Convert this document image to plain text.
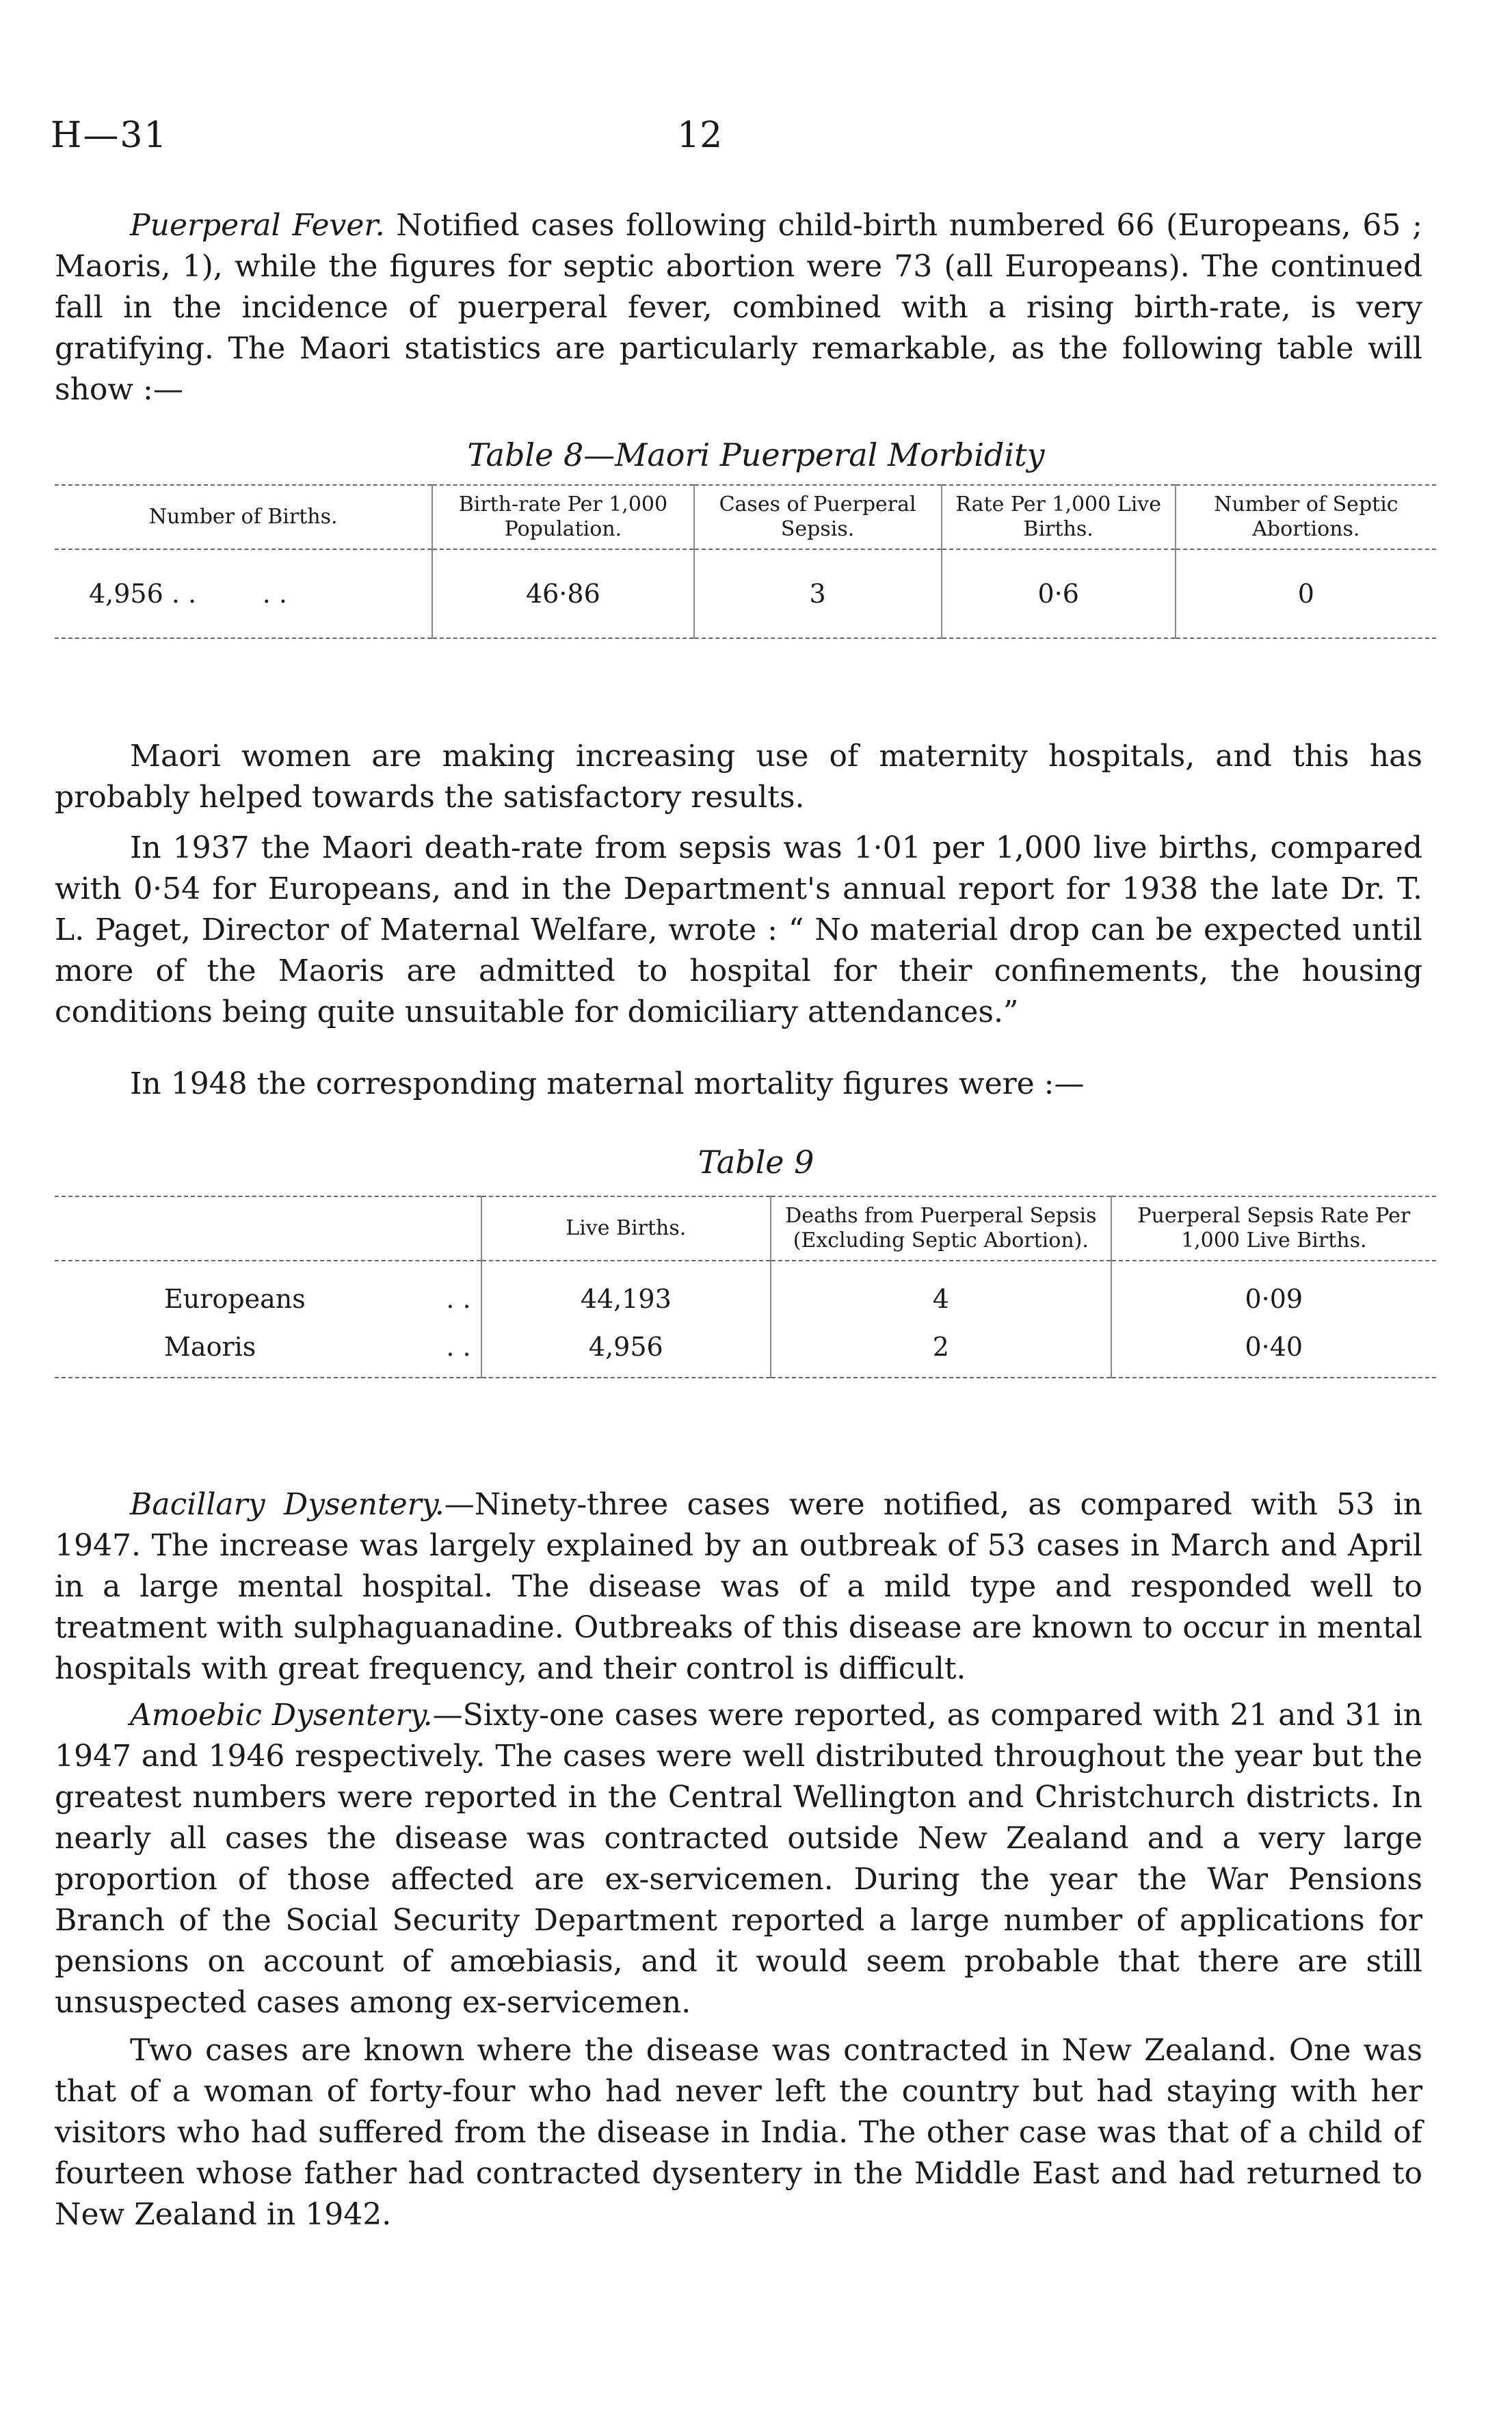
H—31	12

Puerperal Fever. Notified cases following child-birth numbered 66 (Europeans, 65 ; Maoris, 1), while the figures for septic abortion were 73 (all Europeans). The continued fall in the incidence of puerperal fever, combined with a rising birth-rate, is very gratifying. The Maori statistics are particularly remarkable, as the following table will show :—

Table 8—Maori Puerperal Morbidity
Number of Births.	Birth-rate Per 1,000 Population.	Cases of Puerperal Sepsis.	Rate Per 1,000 Live Births.	Number of Septic Abortions.
4,956 . .        . .	46·86	3	0·6	0

Maori women are making increasing use of maternity hospitals, and this has probably helped towards the satisfactory results.

In 1937 the Maori death-rate from sepsis was 1·01 per 1,000 live births, compared with 0·54 for Europeans, and in the Department's annual report for 1938 the late Dr. T. L. Paget, Director of Maternal Welfare, wrote : “ No material drop can be expected until more of the Maoris are admitted to hospital for their confinements, the housing conditions being quite unsuitable for domiciliary attendances.”

In 1948 the corresponding maternal mortality figures were :—

Table 9
	Live Births.	Deaths from Puerperal Sepsis (Excluding Septic Abortion).	Puerperal Sepsis Rate Per 1,000 Live Births.
Europeans . .	44,193	4	0·09
Maoris . .	4,956	2	0·40

Bacillary Dysentery.—Ninety-three cases were notified, as compared with 53 in 1947. The increase was largely explained by an outbreak of 53 cases in March and April in a large mental hospital. The disease was of a mild type and responded well to treatment with sulphaguanadine. Outbreaks of this disease are known to occur in mental hospitals with great frequency, and their control is difficult.

Amoebic Dysentery.—Sixty-one cases were reported, as compared with 21 and 31 in 1947 and 1946 respectively. The cases were well distributed throughout the year but the greatest numbers were reported in the Central Wellington and Christchurch districts. In nearly all cases the disease was contracted outside New Zealand and a very large proportion of those affected are ex-servicemen. During the year the War Pensions Branch of the Social Security Department reported a large number of applications for pensions on account of amœbiasis, and it would seem probable that there are still unsuspected cases among ex-servicemen.

Two cases are known where the disease was contracted in New Zealand. One was that of a woman of forty-four who had never left the country but had staying with her visitors who had suffered from the disease in India. The other case was that of a child of fourteen whose father had contracted dysentery in the Middle East and had returned to New Zealand in 1942.
